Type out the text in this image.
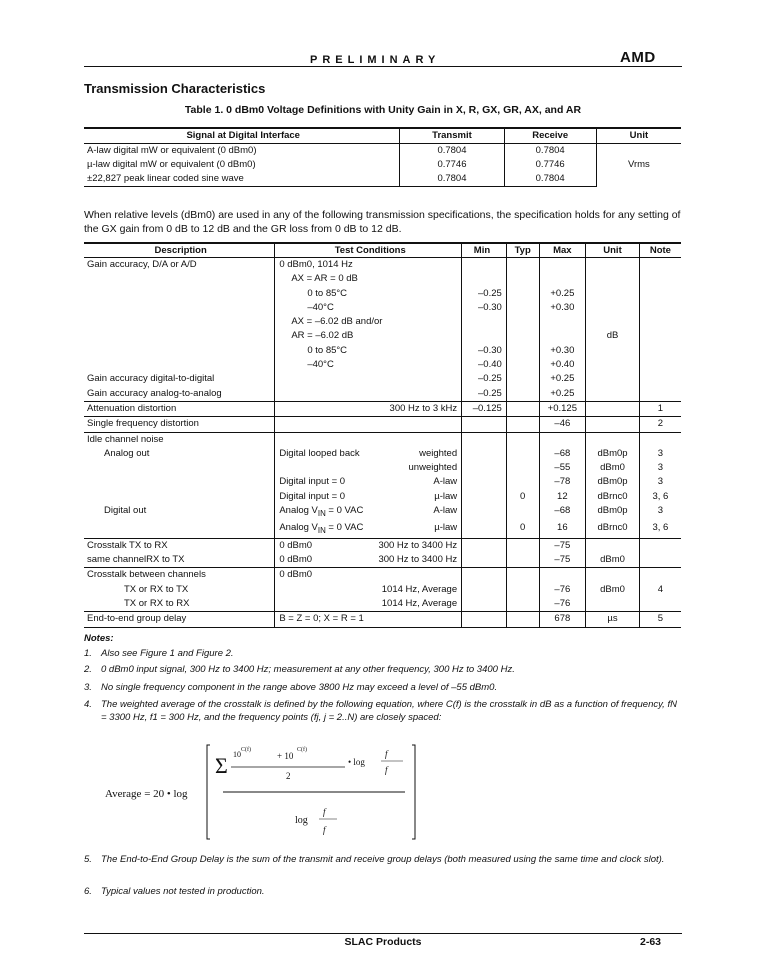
PRELIMINARY	AMD
Transmission Characteristics
Table 1. 0 dBm0 Voltage Definitions with Unity Gain in X, R, GX, GR, AX, and AR
Signal at Digital Interface	Transmit	Receive	Unit
A-law digital mW or equivalent (0 dBm0)	0.7804	0.7804	Vrms
µ-law digital mW or equivalent (0 dBm0)	0.7746	0.7746	
±22,827 peak linear coded sine wave	0.7804	0.7804	
When relative levels (dBm0) are used in any of the following transmission specifications, the specification holds for any setting of the GX gain from 0 dB to 12 dB and the GR loss from 0 dB to 12 dB.
Description	Test Conditions	Min	Typ	Max	Unit	Note
Gain accuracy, D/A or A/D	0 dBm0, 1014 Hz					

	AX = AR = 0 dB					

	0 to 85°C	–0.25		+0.25		

	–40°C	–0.30		+0.30		

	AX = –6.02 dB and/or					

	AR = –6.02 dB				dB	

	0 to 85°C	–0.30		+0.30		

	–40°C	–0.40		+0.40		
Gain accuracy digital-to-digital		–0.25		+0.25		
Gain accuracy analog-to-analog		–0.25		+0.25		
Attenuation distortion	300 Hz to 3 kHz	–0.125		+0.125		1
Single frequency distortion				–46		2
Idle channel noise	

Analog out	Digital looped back weighted			–68	dBm0p	3

	unweighted			–55	dBm0	3

	Digital input = 0 A-law			–78	dBm0p	3

	Digital input = 0 µ-law		0	12	dBrnc0	3, 6
Digital out	Analog $V_{IN} = 0$ VAC A-law			–68	dBm0p	3

	Analog $V_{IN} = 0$ VAC µ-law		0	16	dBrnc0	3, 6
Crosstalk TX to RX	0 dBm0 300 Hz to 3400 Hz			–75		
same channelRX to TX	0 dBm0 300 Hz to 3400 Hz			–75	dBm0	
Crosstalk between channels	0 dBm0					

TX or RX to TX	1014 Hz, Average			–76	dBm0	4
TX or RX to RX	1014 Hz, Average			–76		
End-to-end group delay	B = Z = 0; X = R = 1			678	µs	5
Notes:
1. Also see Figure 1 and Figure 2.
2. 0 dBm0 input signal, 300 Hz to 3400 Hz; measurement at any other frequency, 300 Hz to 3400 Hz.
3. No single frequency component in the range above 3800 Hz may exceed a level of –55 dBm0.
4. The weighted average of the crosstalk is defined by the following equation, where C(f) is the crosstalk in dB as a function of frequency, fN = 3300 Hz, f1 = 300 Hz, and the frequency points (fj, j = 2..N) are closely spaced:
5. The End-to-End Group Delay is the sum of the transmit and receive group delays (both measured using the same time and clock slot).
6. Typical values not tested in production.
Average = 20 • log
Σ 10 C(f)
+ 10
C(f)
2
• log
f
f
log
f
f
SLAC Products	2-63
